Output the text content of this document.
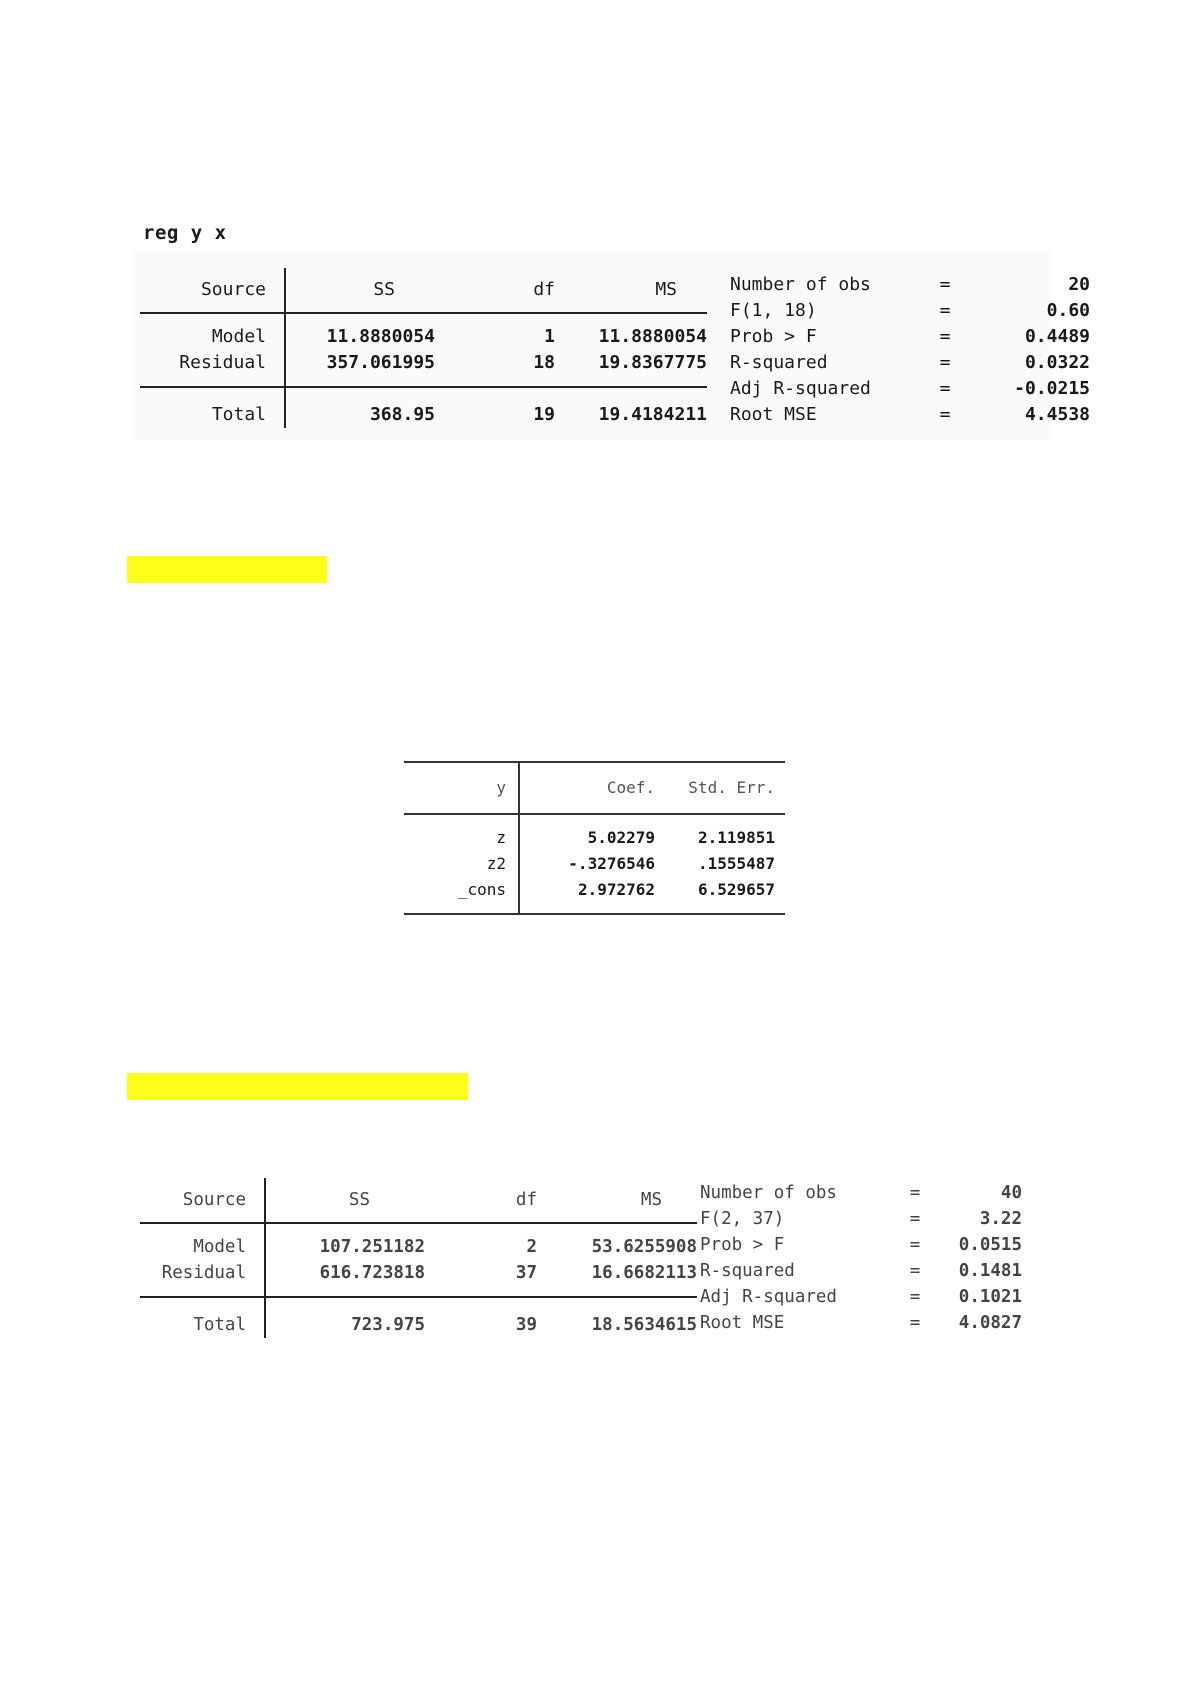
reg y x
Source	SS	df	MS

Model	11.8880054	1	11.8880054
Residual	357.061995	18	19.8367775

Total	368.95	19	19.4184211
Number of obs	=	20
F(1, 18)	=	0.60
Prob > F	=	0.4489
R-squared	=	0.0322
Adj R-squared	=	-0.0215
Root MSE	=	4.4538
y	Coef.	Std. Err.

z	5.02279	2.119851
z2	-.3276546	.1555487
_cons	2.972762	6.529657

Source	SS	df	MS

Model	107.251182	2	53.6255908
Residual	616.723818	37	16.6682113

Total	723.975	39	18.5634615
Number of obs	=	40
F(2, 37)	=	3.22
Prob > F	=	0.0515
R-squared	=	0.1481
Adj R-squared	=	0.1021
Root MSE	=	4.0827
